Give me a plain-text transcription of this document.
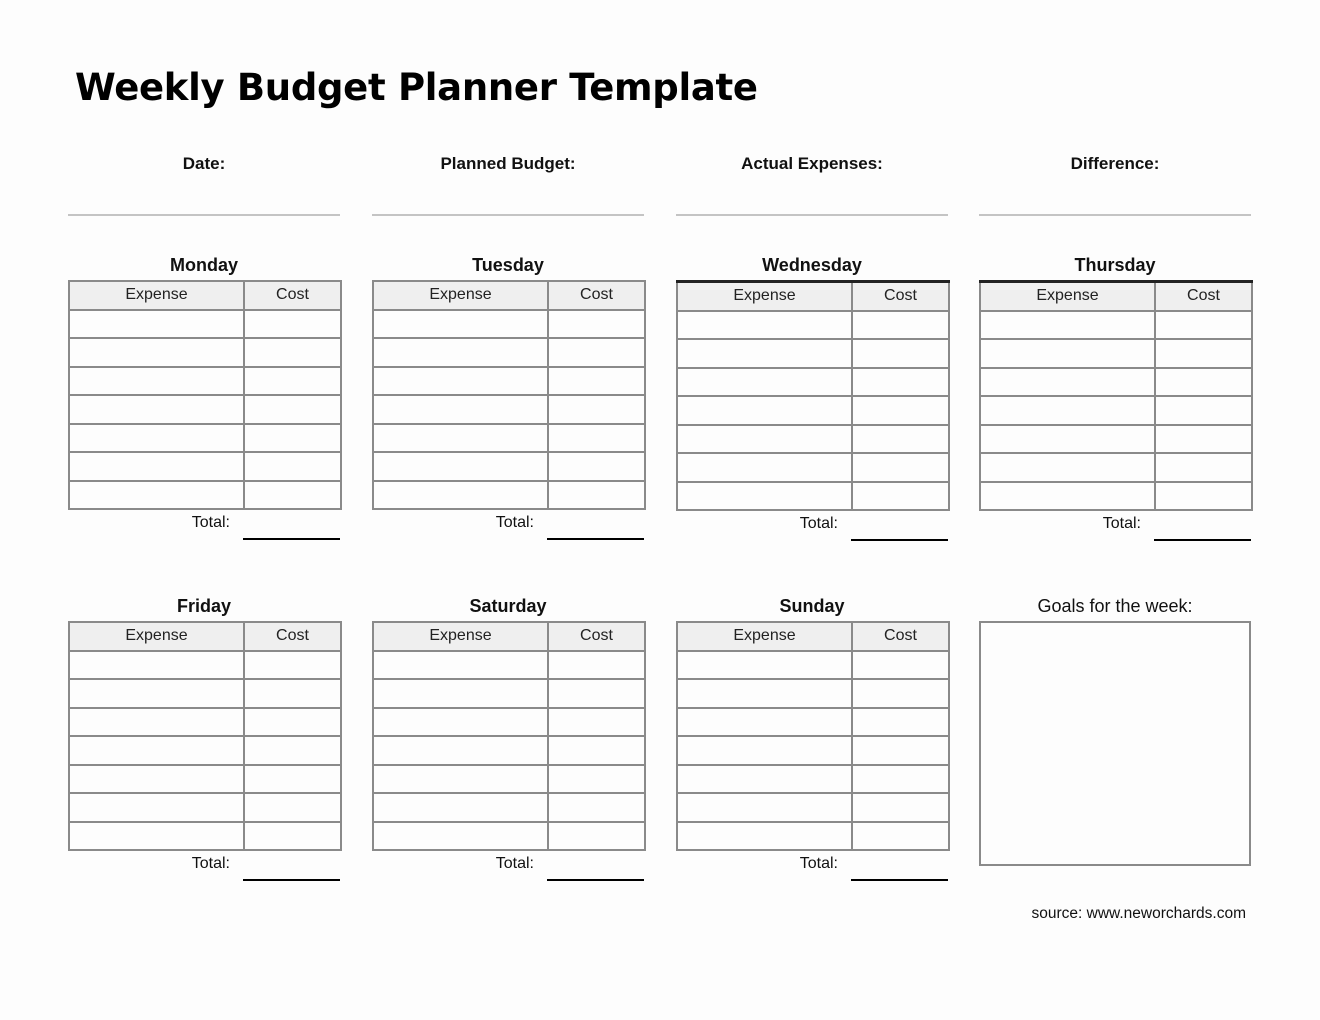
Weekly Budget Planner Template
Date:	Planned Budget:	Actual Expenses:	Difference:
Monday
Expense	Cost

Total:
Tuesday
Expense	Cost

Total:
Wednesday
Expense	Cost

Total:
Thursday
Expense	Cost

Total:
Friday
Expense	Cost

Total:
Saturday
Expense	Cost

Total:
Sunday
Expense	Cost

Total:
Goals for the week:
source: www.neworchards.com
